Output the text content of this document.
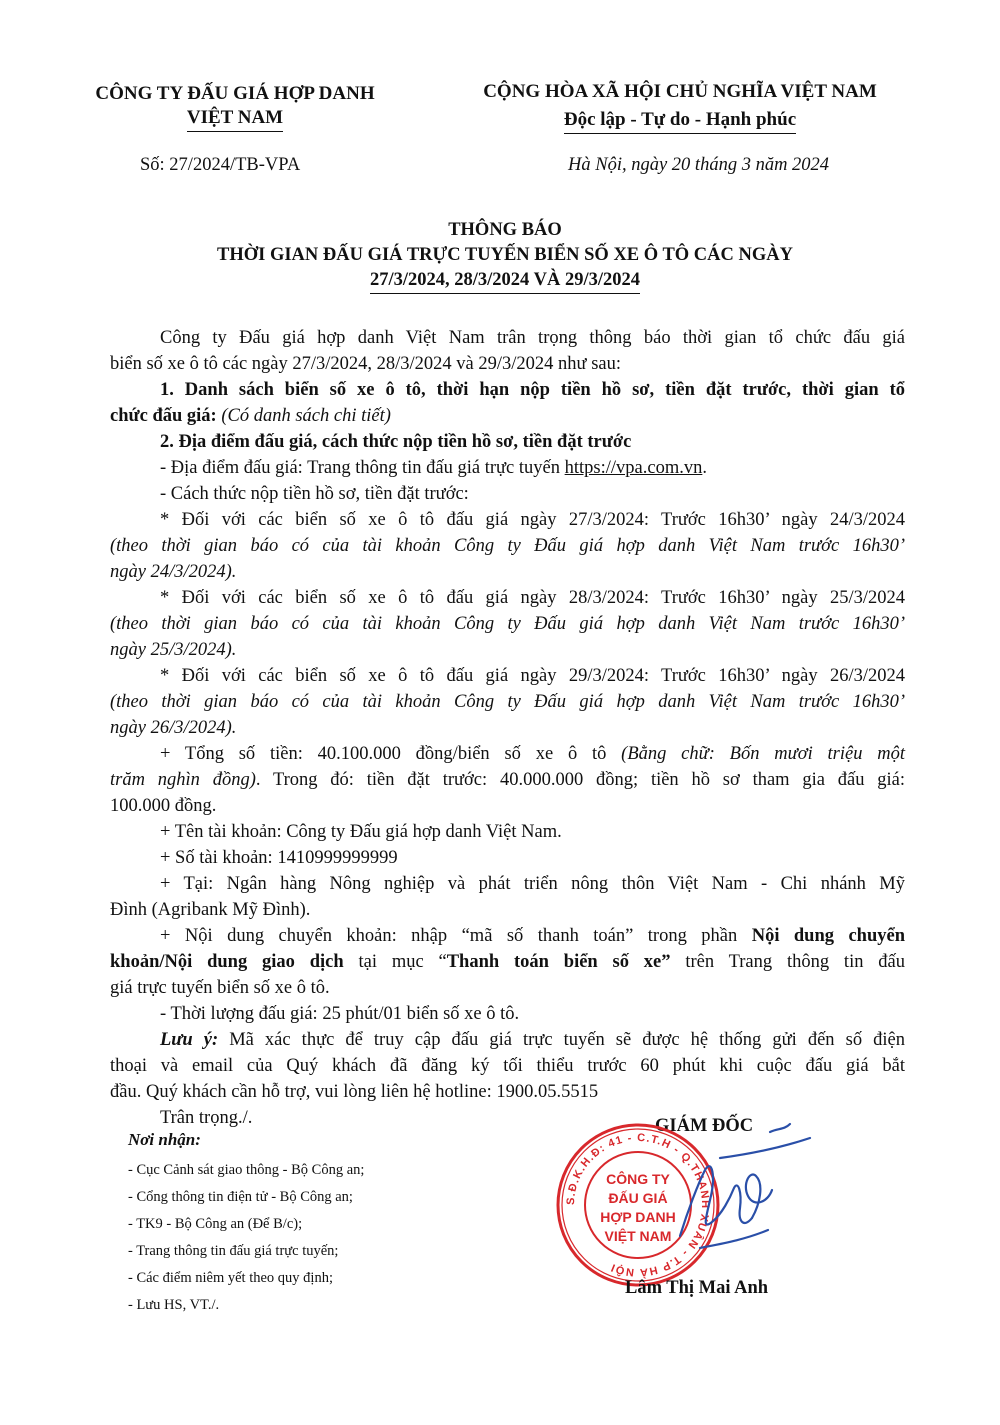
CÔNG TY ĐẤU GIÁ HỢP DANH
VIỆT NAM
CỘNG HÒA XÃ HỘI CHỦ NGHĨA VIỆT NAM
Độc lập - Tự do - Hạnh phúc
Số: 27/2024/TB-VPA	Hà Nội, ngày 20 tháng 3 năm 2024
THÔNG BÁO
THỜI GIAN ĐẤU GIÁ TRỰC TUYẾN BIỂN SỐ XE Ô TÔ CÁC NGÀY
27/3/2024, 28/3/2024 VÀ 29/3/2024
Công ty Đấu giá hợp danh Việt Nam trân trọng thông báo thời gian tổ chức đấu giá
biển số xe ô tô các ngày 27/3/2024, 28/3/2024 và 29/3/2024 như sau:
1. Danh sách biển số xe ô tô, thời hạn nộp tiền hồ sơ, tiền đặt trước, thời gian tổ
chức đấu giá: (Có danh sách chi tiết)
2. Địa điểm đấu giá, cách thức nộp tiền hồ sơ, tiền đặt trước
- Địa điểm đấu giá: Trang thông tin đấu giá trực tuyến https://vpa.com.vn.
- Cách thức nộp tiền hồ sơ, tiền đặt trước:
* Đối với các biển số xe ô tô đấu giá ngày 27/3/2024: Trước 16h30’ ngày 24/3/2024
(theo thời gian báo có của tài khoản Công ty Đấu giá hợp danh Việt Nam trước 16h30’
ngày 24/3/2024).
* Đối với các biển số xe ô tô đấu giá ngày 28/3/2024: Trước 16h30’ ngày 25/3/2024
(theo thời gian báo có của tài khoản Công ty Đấu giá hợp danh Việt Nam trước 16h30’
ngày 25/3/2024).
* Đối với các biển số xe ô tô đấu giá ngày 29/3/2024: Trước 16h30’ ngày 26/3/2024
(theo thời gian báo có của tài khoản Công ty Đấu giá hợp danh Việt Nam trước 16h30’
ngày 26/3/2024).
+ Tổng số tiền: 40.100.000 đồng/biển số xe ô tô (Bằng chữ: Bốn mươi triệu một
trăm nghìn đồng). Trong đó: tiền đặt trước: 40.000.000 đồng; tiền hồ sơ tham gia đấu giá:
100.000 đồng.
+ Tên tài khoản: Công ty Đấu giá hợp danh Việt Nam.
+ Số tài khoản: 1410999999999
+ Tại: Ngân hàng Nông nghiệp và phát triển nông thôn Việt Nam - Chi nhánh Mỹ
Đình (Agribank Mỹ Đình).
+ Nội dung chuyển khoản: nhập “mã số thanh toán” trong phần Nội dung chuyển
khoản/Nội dung giao dịch tại mục “Thanh toán biển số xe” trên Trang thông tin đấu
giá trực tuyến biển số xe ô tô.
- Thời lượng đấu giá: 25 phút/01 biển số xe ô tô.
Lưu ý: Mã xác thực để truy cập đấu giá trực tuyến sẽ được hệ thống gửi đến số điện
thoại và email của Quý khách đã đăng ký tối thiểu trước 60 phút khi cuộc đấu giá bắt
đầu. Quý khách cần hỗ trợ, vui lòng liên hệ hotline: 1900.05.5515
Trân trọng./.
Nơi nhận:
- Cục Cảnh sát giao thông - Bộ Công an;
- Cổng thông tin điện tử - Bộ Công an;
- TK9 - Bộ Công an (Để B/c);
- Trang thông tin đấu giá trực tuyến;
- Các điểm niêm yết theo quy định;
- Lưu HS, VT./.
GIÁM ĐỐC
S.Đ.K.H.Đ: 41 - C.T.H - Q.THANH XUÂN - T.P HÀ NỘI
CÔNG TY
ĐẤU GIÁ
HỢP DANH
VIỆT NAM
Lâm Thị Mai Anh
